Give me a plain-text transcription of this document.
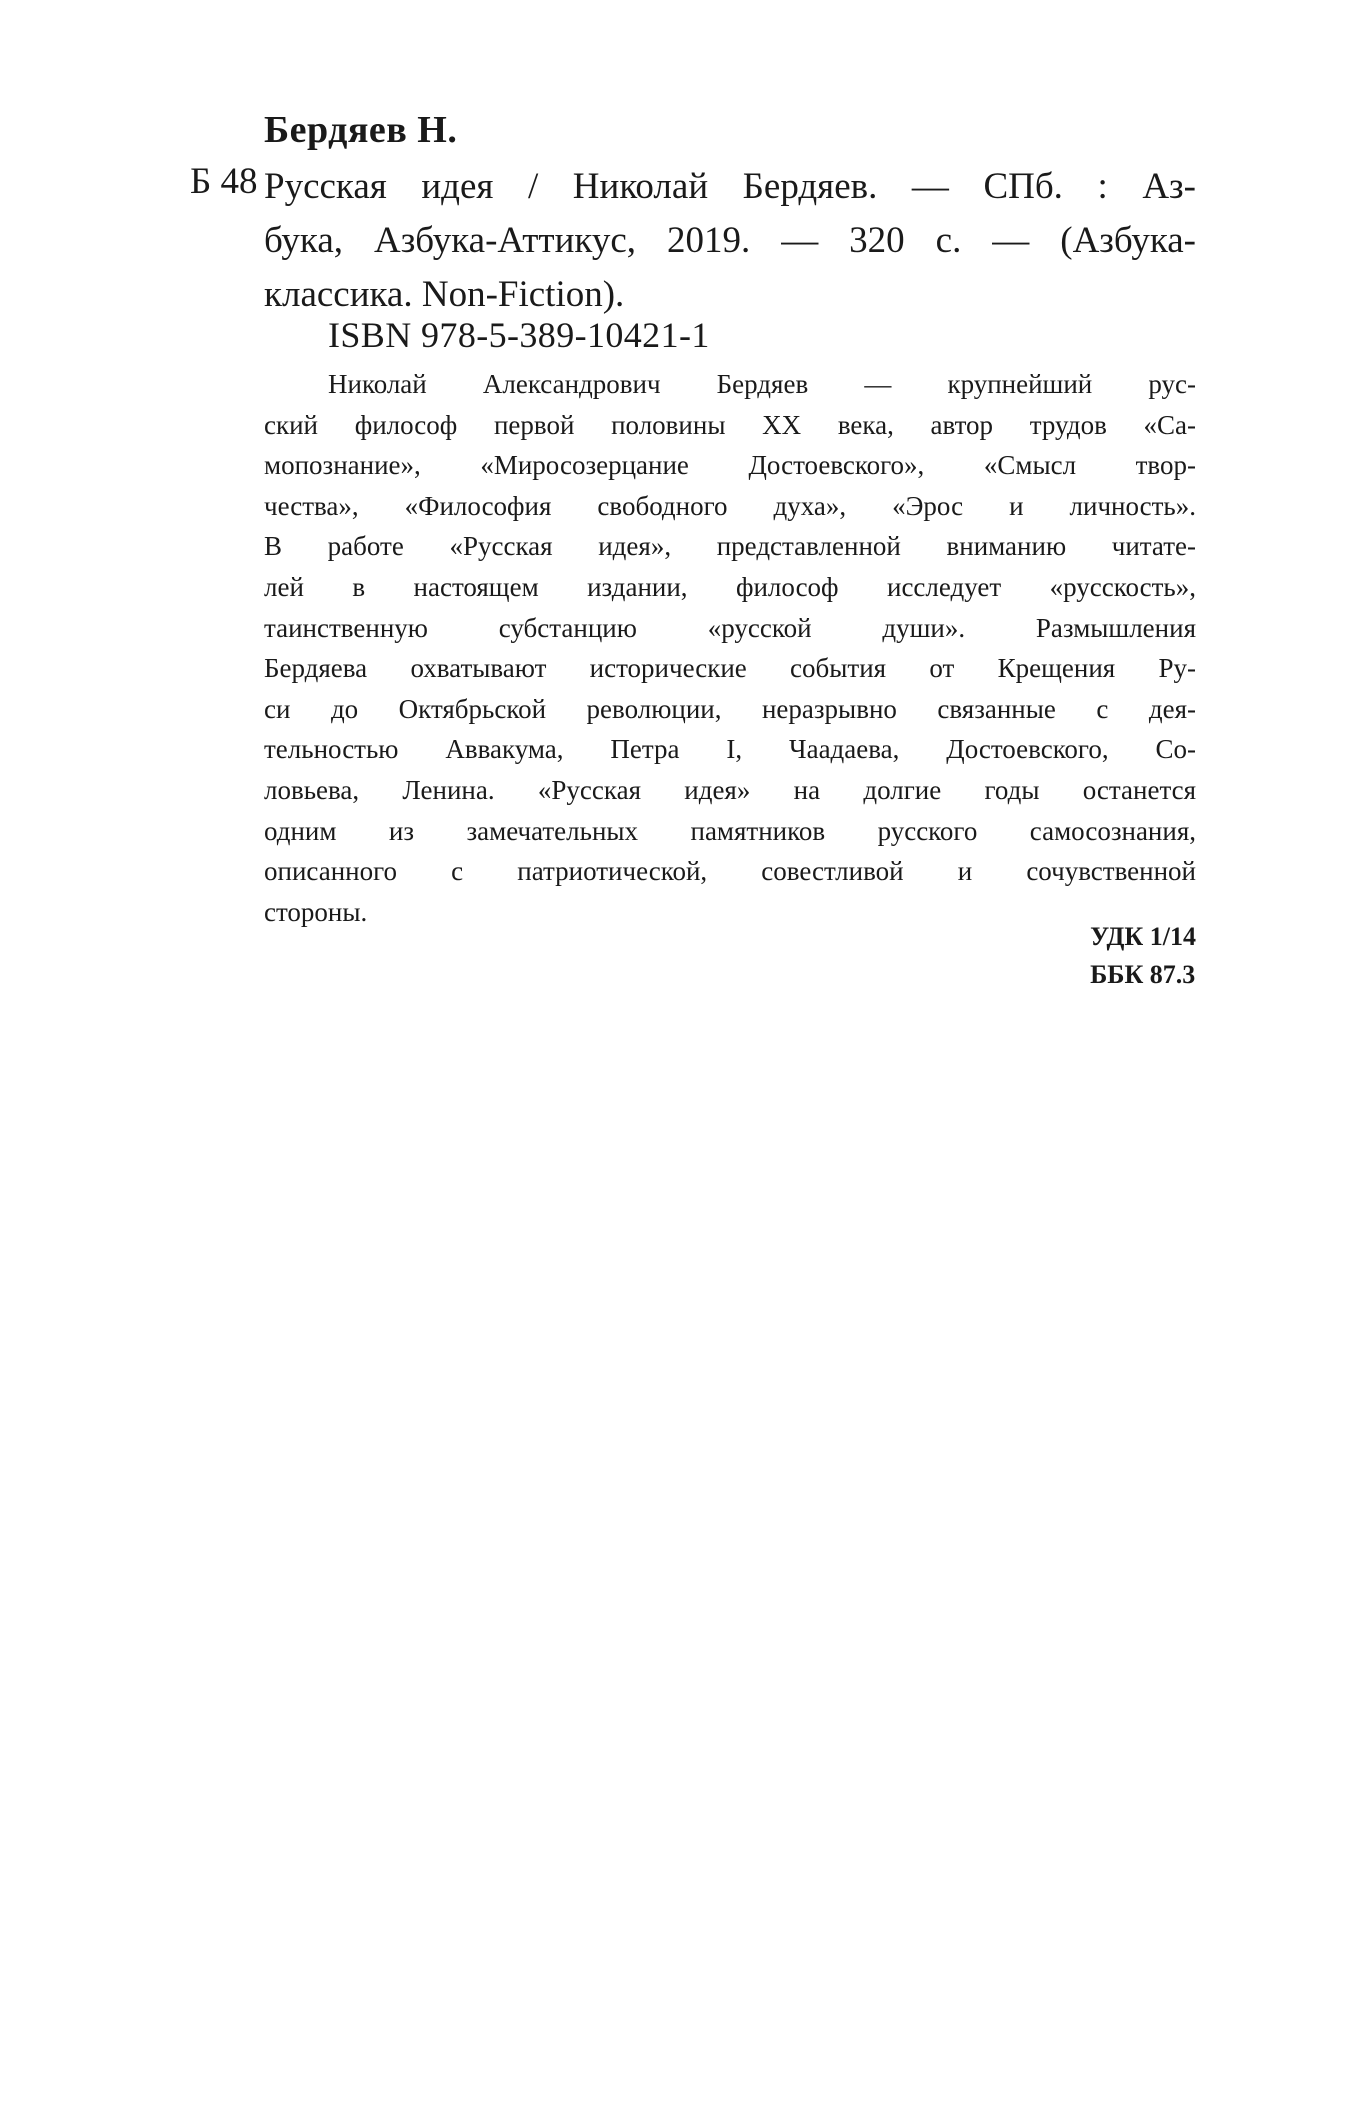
Бердяев Н.
Б 48 Русская идея / Николай Бердяев. — СПб. : Аз-
бука, Азбука-Аттикус, 2019. — 320 с. — (Азбука-
классика. Non-Fiction).
ISBN 978-5-389-10421-1
Николай Александрович Бердяев — крупнейший рус-
ский философ первой половины XX века, автор трудов «Са-
мопознание», «Миросозерцание Достоевского», «Смысл твор-
чества», «Философия свободного духа», «Эрос и личность».
В работе «Русская идея», представленной вниманию читате-
лей в настоящем издании, философ исследует «русскость»,
таинственную субстанцию «русской души». Размышления
Бердяева охватывают исторические события от Крещения Ру-
си до Октябрьской революции, неразрывно связанные с дея-
тельностью Аввакума, Петра I, Чаадаева, Достоевского, Со-
ловьева, Ленина. «Русская идея» на долгие годы останется
одним из замечательных памятников русского самосознания,
описанного с патриотической, совестливой и сочувственной
стороны.
УДК 1/14
ББК 87.3
